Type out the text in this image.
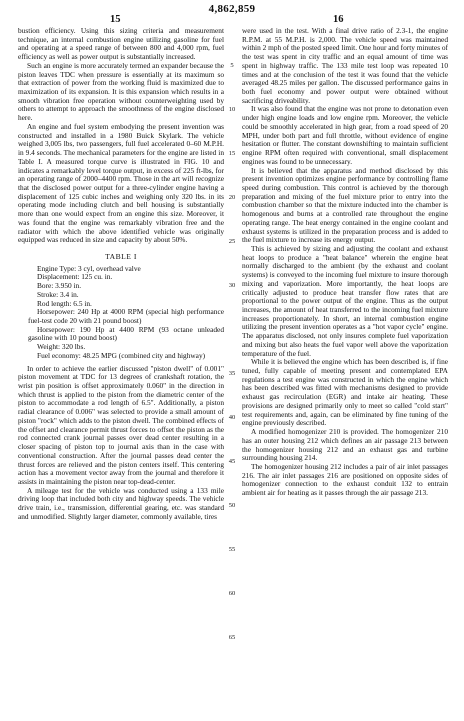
4,862,859
15	16

bustion efficiency. Using this sizing criteria and measurement technique, an internal combustion engine utilizing gasoline for fuel and operating at a speed range of between 800 and 4,000 rpm, fuel efficiency as well as power output is substantially increased.

Such an engine is more accurately termed an expander because the piston leaves TDC when pressure is essentially at its maximum so that extraction of power from the working fluid is maximized due to maximization of its expansion. It is this expansion which results in a smooth vibration free operation without counterweighting used by others to attempt to approach the smoothness of the engine disclosed here.

An engine and fuel system embodying the present invention was constructed and installed in a 1980 Buick Skylark. The vehicle weighed 3,005 lbs, two passengers, full fuel accelerated 0–60 M.P.H. in 9.4 seconds. The mechanical parameters for the engine are listed in Table I. A measured torque curve is illustrated in FIG. 10 and indicates a remarkably level torque output, in excess of 225 ft-lbs, for an operating range of 2000–4400 rpm. Those in the art will recognize that the disclosed power output for a three-cylinder engine having a displacement of 125 cubic inches and weighing only 320 lbs. in its operating mode including clutch and bell housing is substantially more than one would expect from an engine this size. Moreover, it was found that the engine was remarkably vibration free and the radiator with which the above identified vehicle was originally equipped was reduced in size and capacity by about 50%.

TABLE I

Engine Type: 3 cyl, overhead valve

Displacement: 125 cu. in.

Bore: 3.950 in.

Stroke: 3.4 in.

Rod length: 6.5 in.

Horsepower: 240 Hp at 4000 RPM (special high performance fuel-test code 20 with 21 pound boost)

Horsepower: 190 Hp at 4400 RPM (93 octane unleaded gasoline with 10 pound boost)

Weight: 320 lbs.

Fuel economy: 48.25 MPG (combined city and highway)

In order to achieve the earlier discussed "piston dwell" of 0.001" piston movement at TDC for 13 degrees of crankshaft rotation, the wrist pin position is offset approximately 0.060" in the direction in which thrust is applied to the piston from the diametric center of the piston to accommodate a rod length of 6.5". Additionally, a piston radial clearance of 0.006" was selected to provide a small amount of piston "rock" which adds to the piston dwell. The combined effects of the offset and clearance permit thrust forces to offset the piston as the rod connected crank journal passes over dead center resulting in a closer spacing of piston top to journal axis than in the case with conventional construction. After the journal passes dead center the thrust forces are relieved and the piston centers itself. This centering action has a movement vector away from the journal and therefore it assists in maintaining the piston near top-dead-center.

A mileage test for the vehicle was conducted using a 133 mile driving loop that included both city and highway speeds. The vehicle drive train, i.e., transmission, differential gearing, etc. was standard and unmodified. Slightly larger diameter, commonly available, tires

were used in the test. With a final drive ratio of 2.3-1, the engine R.P.M. at 55 M.P.H. is 2,000. The vehicle speed was maintained within 2 mph of the posted speed limit. One hour and forty minutes of the test was spent in city traffic and an equal amount of time was spent in highway traffic. The 133 mile test loop was repeated 10 times and at the conclusion of the test it was found that the vehicle averaged 48.25 miles per gallon. The discussed performance gains in both fuel economy and power output were obtained without sacrificing driveability.

It was also found that the engine was not prone to detonation even under high engine loads and low engine rpm. Moreover, the vehicle could be smoothly accelerated in high gear, from a road speed of 20 MPH, under both part and full throttle, without evidence of engine hesitation or flutter. The constant downshifting to maintain sufficient engine RPM often required with conventional, small displacement engines was found to be unnecessary.

It is believed that the apparatus and method disclosed by this present invention optimizes engine performance by controlling flame speed during combustion. This control is achieved by the thorough preparation and mixing of the fuel mixture prior to entry into the combustion chamber so that the mixture inducted into the chamber is homogenous and burns at a controlled rate throughout the engine operating range. The heat energy contained in the engine coolant and exhaust systems is utilized in the preparation process and is added to the fuel mixture to increase its energy output.

This is achieved by sizing and adjusting the coolant and exhaust heat loops to produce a "heat balance" wherein the engine heat normally discharged to the ambient (by the exhaust and coolant systems) is conveyed to the incoming fuel mixture to insure thorough mixing and vaporization. More importantly, the heat loops are critically adjusted to produce heat transfer flow rates that are proportional to the power output of the engine. Thus as the output increases, the amount of heat transferred to the incoming fuel mixture increases proportionately. In short, an internal combustion engine utilizing the present invention operates as a "hot vapor cycle" engine. The apparatus disclosed, not only insures complete fuel vaporization and mixing but also heats the fuel vapor well above the vaporization temperature of the fuel.

While it is believed the engine which has been described is, if fine tuned, fully capable of meeting present and contemplated EPA regulations a test engine was constructed in which the engine which has been described was fitted with mechanisms designed to provide exhaust gas recirculation (EGR) and intake air heating. These provisions are designed primarily only to meet so called "cold start" test requirements and, again, can be eliminated by fine tuning of the engine previously described.

A modified homogenizer 210 is provided. The homogenizer 210 has an outer housing 212 which defines an air passage 213 between the homogenizer housing 212 and an exhaust gas and turbine surrounding housing 214.

The homogenizer housing 212 includes a pair of air inlet passages 216. The air inlet passages 216 are positioned on opposite sides of homogenizer connection to the exhaust conduit 132 to entrain ambient air for heating as it passes through the air passage 213.

5
10
15
20
25
30
35
40
45
50
55
60
65
